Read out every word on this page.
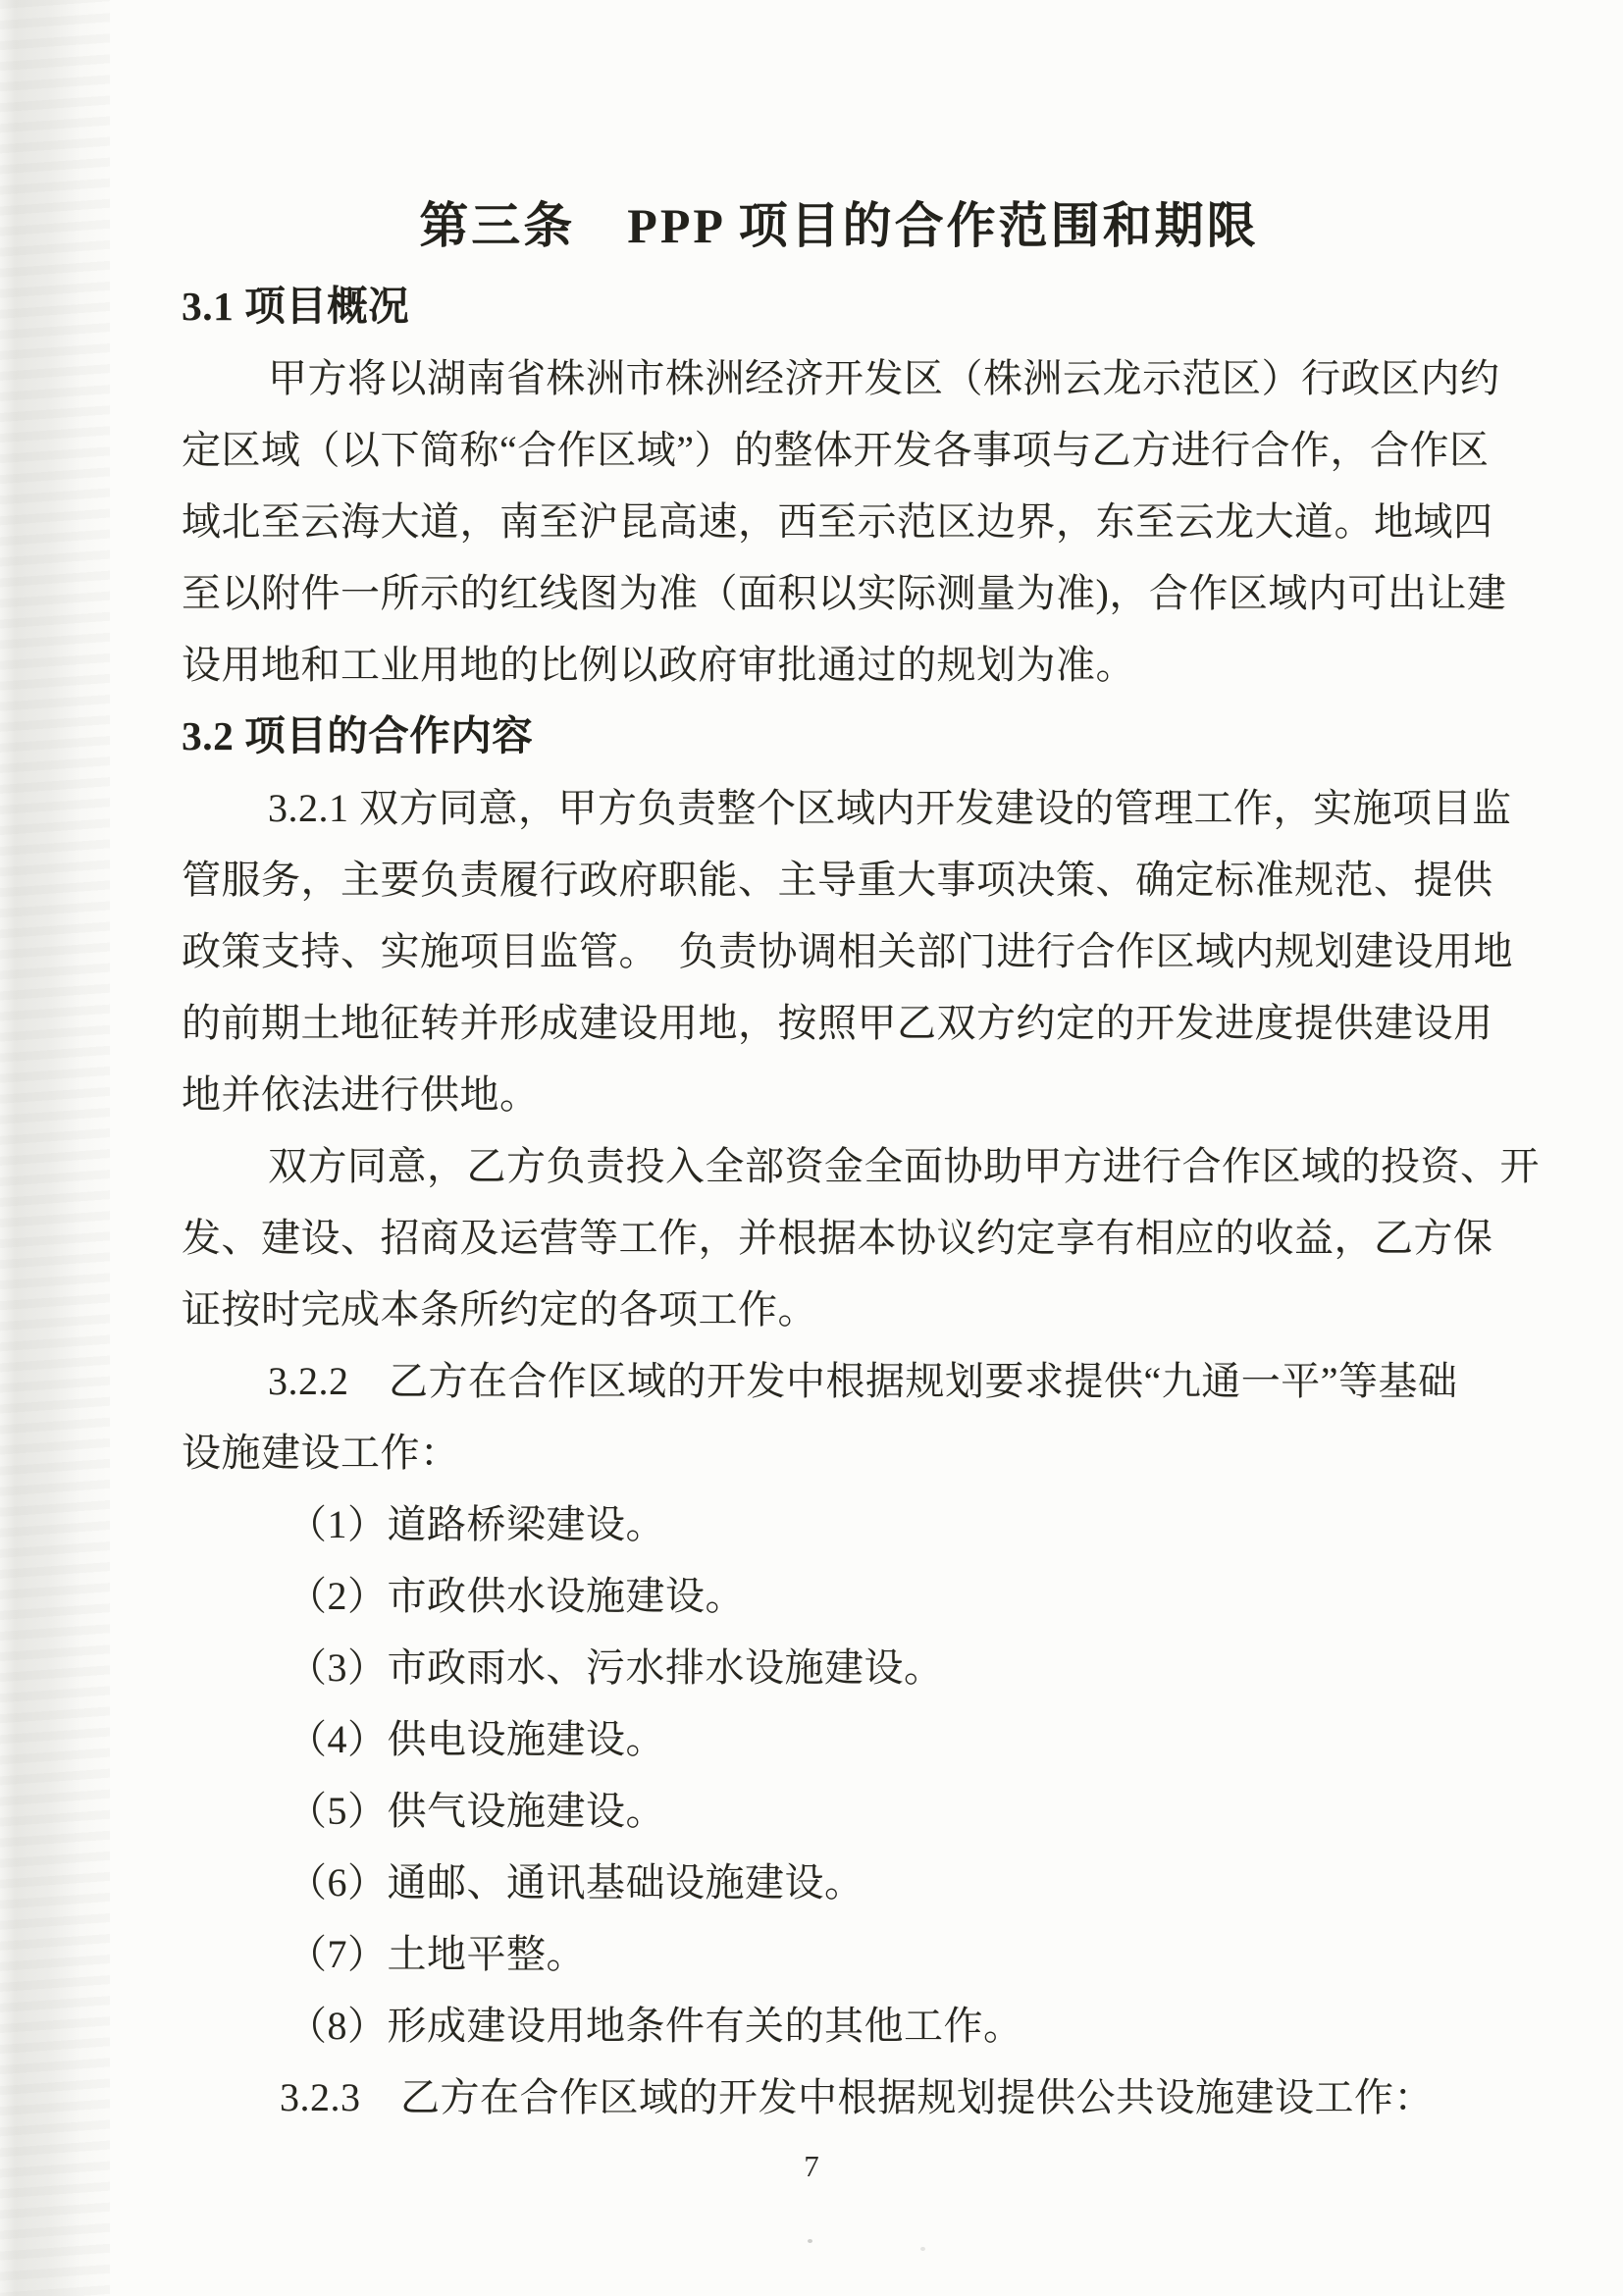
第三条　PPP 项目的合作范围和期限
3.1 项目概况
甲方将以湖南省株洲市株洲经济开发区（株洲云龙示范区）行政区内约
定区域（以下简称“合作区域”）的整体开发各事项与乙方进行合作，合作区
域北至云海大道，南至沪昆高速，西至示范区边界，东至云龙大道。地域四
至以附件一所示的红线图为准（面积以实际测量为准)，合作区域内可出让建
设用地和工业用地的比例以政府审批通过的规划为准。
3.2 项目的合作内容
3.2.1 双方同意，甲方负责整个区域内开发建设的管理工作，实施项目监
管服务，主要负责履行政府职能、主导重大事项决策、确定标准规范、提供
政策支持、实施项目监管。　负责协调相关部门进行合作区域内规划建设用地
的前期土地征转并形成建设用地，按照甲乙双方约定的开发进度提供建设用
地并依法进行供地。
双方同意，乙方负责投入全部资金全面协助甲方进行合作区域的投资、开
发、建设、招商及运营等工作，并根据本协议约定享有相应的收益，乙方保
证按时完成本条所约定的各项工作。
3.2.2　乙方在合作区域的开发中根据规划要求提供“九通一平”等基础
设施建设工作：
（1）道路桥梁建设。
（2）市政供水设施建设。
（3）市政雨水、污水排水设施建设。
（4）供电设施建设。
（5）供气设施建设。
（6）通邮、通讯基础设施建设。
（7）土地平整。
（8）形成建设用地条件有关的其他工作。
3.2.3　乙方在合作区域的开发中根据规划提供公共设施建设工作：
7
